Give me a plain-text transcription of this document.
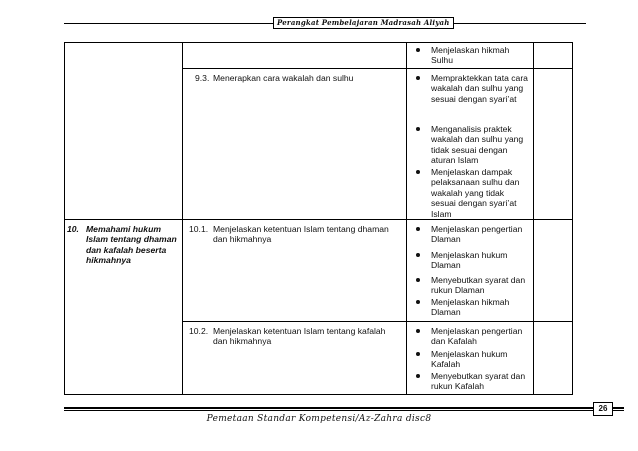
Perangkat Pembelajaran Madrasah Aliyah
Menjelaskan hikmah Sulhu
9.3. Menerapkan cara wakalah dan sulhu	Mempraktekkan tata cara wakalah dan sulhu yang sesuai dengan syari’at
Menganalisis praktek wakalah dan sulhu yang tidak sesuai dengan aturan Islam
Menjelaskan dampak pelaksanaan sulhu dan wakalah yang tidak sesuai dengan syari’at Islam
10. Memahami hukum Islam tentang dhaman dan kafalah beserta hikmahnya
10.1. Menjelaskan ketentuan Islam tentang dhaman dan hikmahnya
Menjelaskan pengertian Dlaman
Menjelaskan hukum Dlaman
Menyebutkan syarat dan rukun Dlaman
Menjelaskan hikmah Dlaman
10.2. Menjelaskan ketentuan Islam tentang kafalah dan hikmahnya
Menjelaskan pengertian dan Kafalah
Menjelaskan hukum Kafalah
Menyebutkan syarat dan rukun Kafalah
26
Pemetaan Standar Kompetensi/Az-Zahra disc8
